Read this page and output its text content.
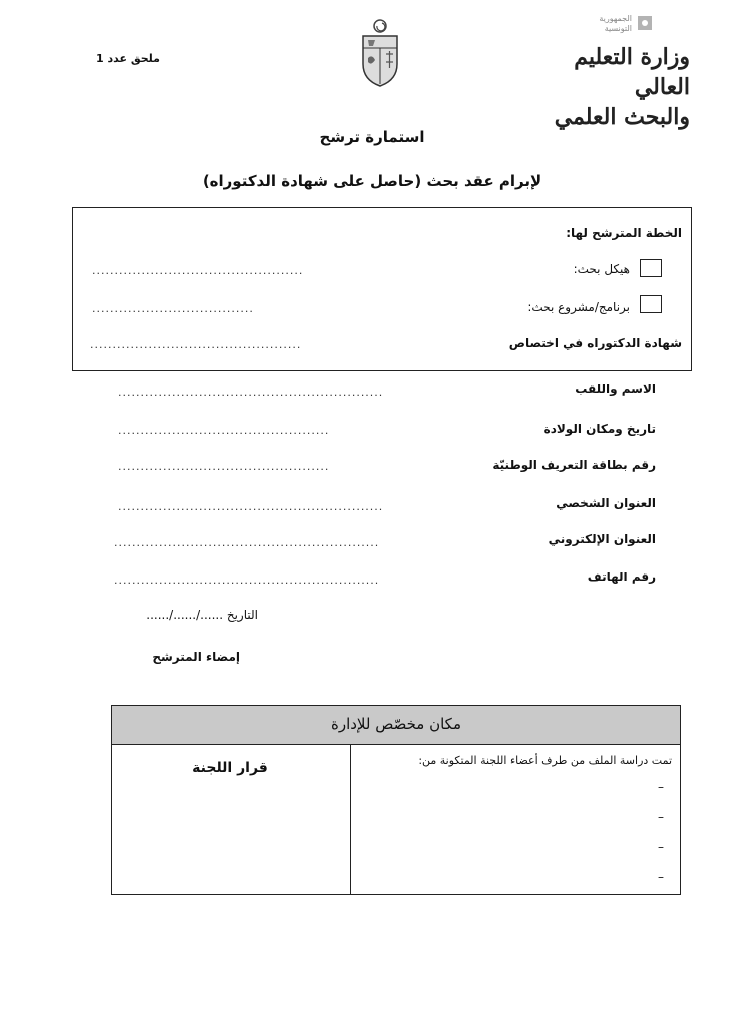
ملحق عدد 1
الجمهورية التونسية
وزارة التعليم العالي
والبحث العلمي
استمارة ترشح
لإبرام عقد بحث (حاصل على شهادة الدكتوراه)
الخطة المترشح لها:
هيكل بحث:
...............................................
برنامج/مشروع بحث:
....................................
شهادة الدكتوراه في اختصاص
...............................................
الاسم واللقب
...........................................................
تاريخ ومكان الولادة
...............................................
رقم بطاقة التعريف الوطنيّة
...............................................
العنوان الشخصي
...........................................................
العنوان الإلكتروني
...........................................................
رقم الهاتف
...........................................................
التاريخ ....../....../......
إمضاء المترشح
مكان مخصّص للإدارة
تمت دراسة الملف من طرف أعضاء اللجنة المتكونة من:
قرار اللجنة
–
–
–
–
